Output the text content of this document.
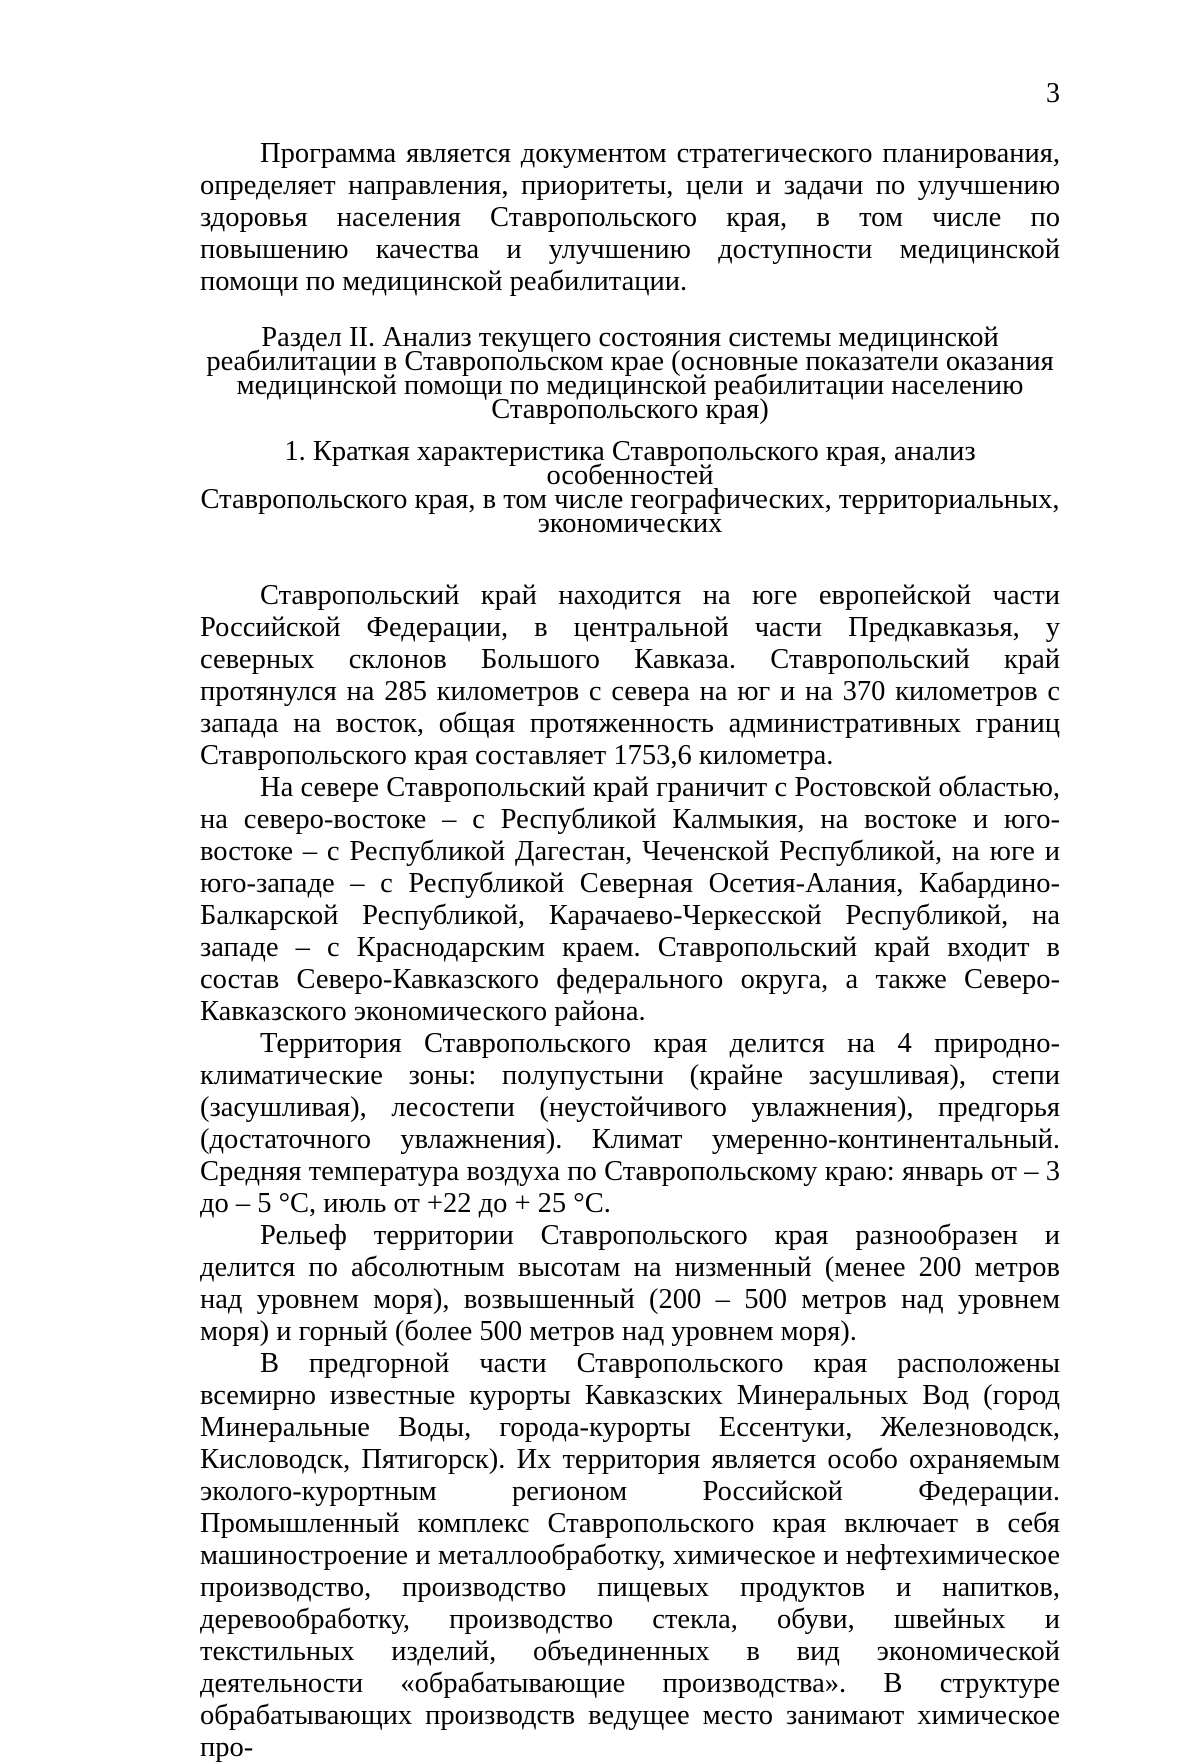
3

Программа является документом стратегического планирования, определяет направления, приоритеты, цели и задачи по улучшению здоровья населения Ставропольского края, в том числе по повышению качества и улучшению доступности медицинской помощи по медицинской реабилитации.

Раздел II. Анализ текущего состояния системы медицинской
реабилитации в Ставропольском крае (основные показатели оказания
медицинской помощи по медицинской реабилитации населению
Ставропольского края)
1. Краткая характеристика Ставропольского края, анализ особенностей
Ставропольского края, в том числе географических, территориальных,
экономических

Ставропольский край находится на юге европейской части Российской Федерации, в центральной части Предкавказья, у северных склонов Большого Кавказа. Ставропольский край протянулся на 285 километров с севера на юг и на 370 километров с запада на восток, общая протяженность административных границ Ставропольского края составляет 1753,6 километра.

На севере Ставропольский край граничит с Ростовской областью, на северо-востоке – с Республикой Калмыкия, на востоке и юго-востоке – с Республикой Дагестан, Чеченской Республикой, на юге и юго-западе – с Республикой Северная Осетия-Алания, Кабардино-Балкарской Республикой, Карачаево-Черкесской Республикой, на западе – с Краснодарским краем. Ставропольский край входит в состав Северо-Кавказского федерального округа, а также Северо-Кавказского экономического района.

Территория Ставропольского края делится на 4 природно-климатические зоны: полупустыни (крайне засушливая), степи (засушливая), лесостепи (неустойчивого увлажнения), предгорья (достаточного увлажнения). Климат умеренно-континентальный. Средняя температура воздуха по Ставропольскому краю: январь от – 3 до – 5 °С, июль от +22 до + 25 °С.

Рельеф территории Ставропольского края разнообразен и делится по абсолютным высотам на низменный (менее 200 метров над уровнем моря), возвышенный (200 – 500 метров над уровнем моря) и горный (более 500 метров над уровнем моря).

В предгорной части Ставропольского края расположены всемирно известные курорты Кавказских Минеральных Вод (город Минеральные Воды, города-курорты Ессентуки, Железноводск, Кисловодск, Пятигорск). Их территория является особо охраняемым эколого-курортным регионом Российской Федерации. Промышленный комплекс Ставропольского края включает в себя машиностроение и металлообработку, химическое и нефтехимическое производство, производство пищевых продуктов и напитков, деревообработку, производство стекла, обуви, швейных и текстильных изделий, объединенных в вид экономической деятельности «обрабатывающие производства». В структуре обрабатывающих производств ведущее место занимают химическое про-
